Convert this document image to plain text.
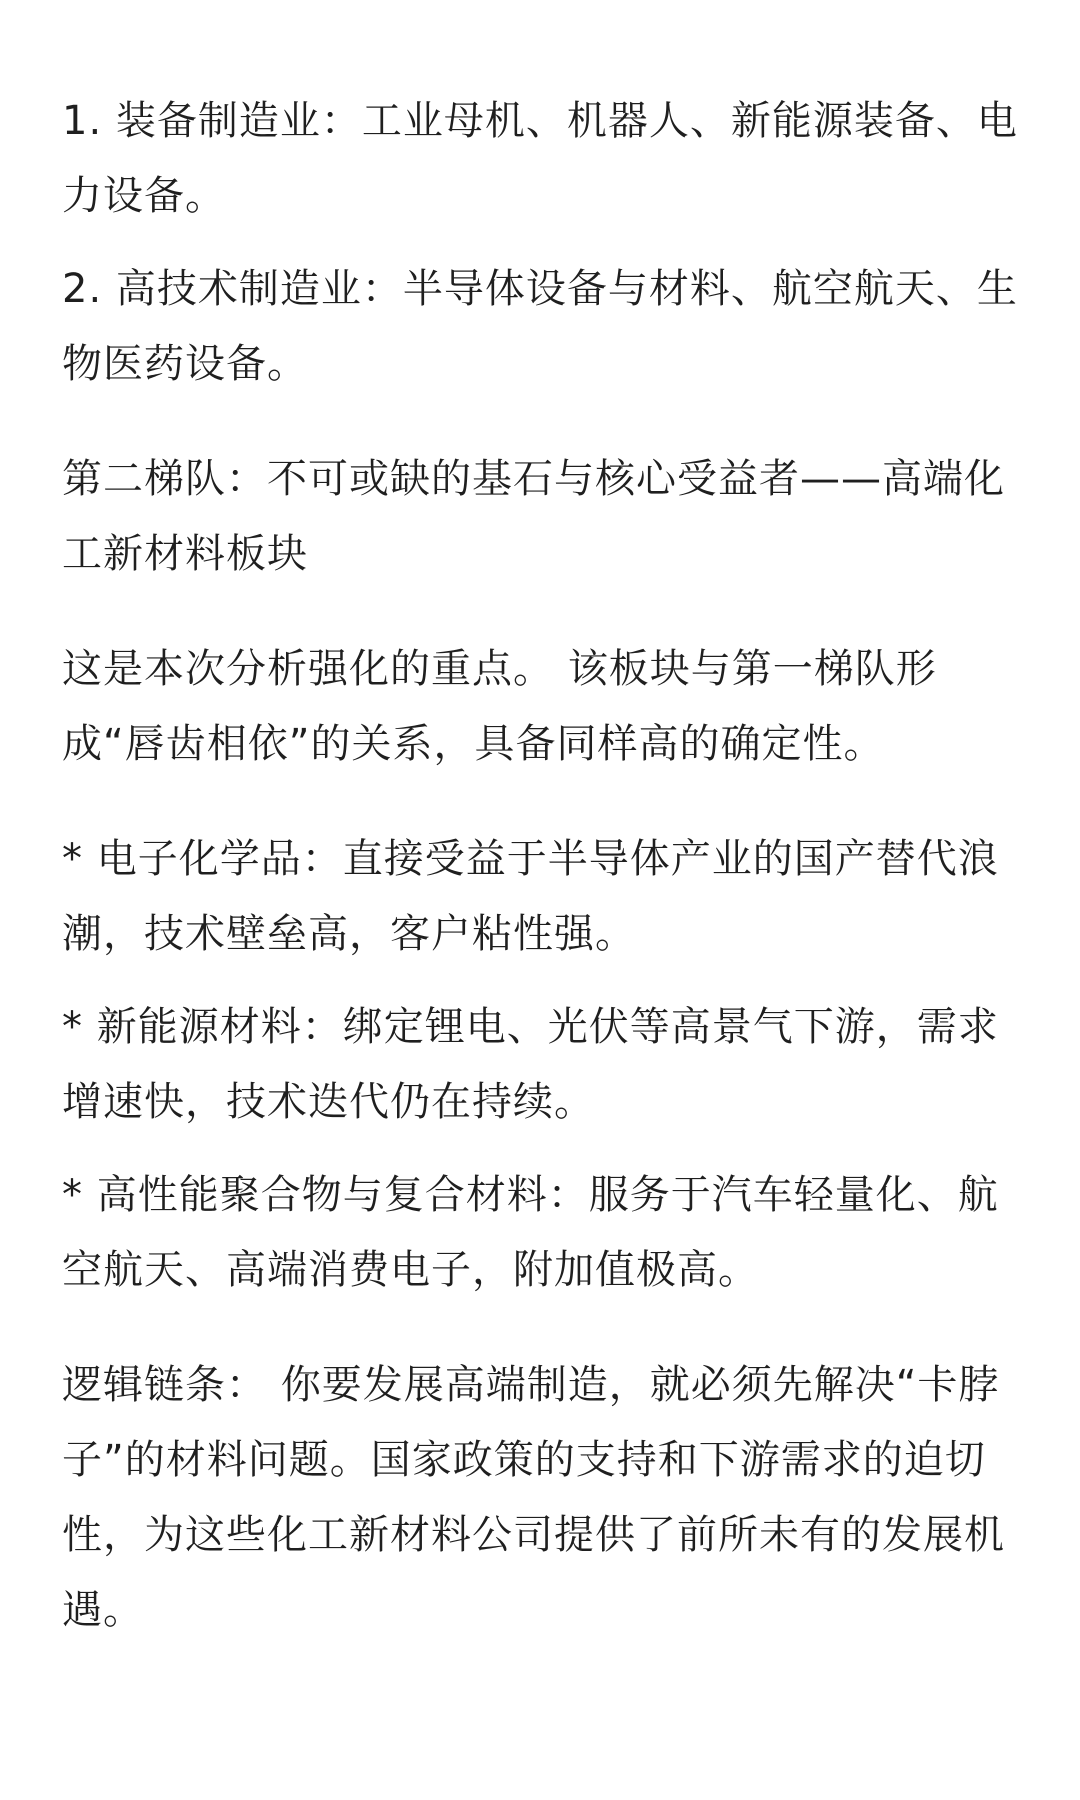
1. 装备制造业：工业母机、机器人、新能源装备、电力设备。

2. 高技术制造业：半导体设备与材料、航空航天、生物医药设备。

第二梯队：不可或缺的基石与核心受益者——高端化工新材料板块

这是本次分析强化的重点。 该板块与第一梯队形成“唇齿相依”的关系，具备同样高的确定性。

* 电子化学品：直接受益于半导体产业的国产替代浪潮，技术壁垒高，客户粘性强。

* 新能源材料：绑定锂电、光伏等高景气下游，需求增速快，技术迭代仍在持续。

* 高性能聚合物与复合材料：服务于汽车轻量化、航空航天、高端消费电子，附加值极高。

逻辑链条： 你要发展高端制造，就必须先解决“卡脖子”的材料问题。国家政策的支持和下游需求的迫切性，为这些化工新材料公司提供了前所未有的发展机遇。
